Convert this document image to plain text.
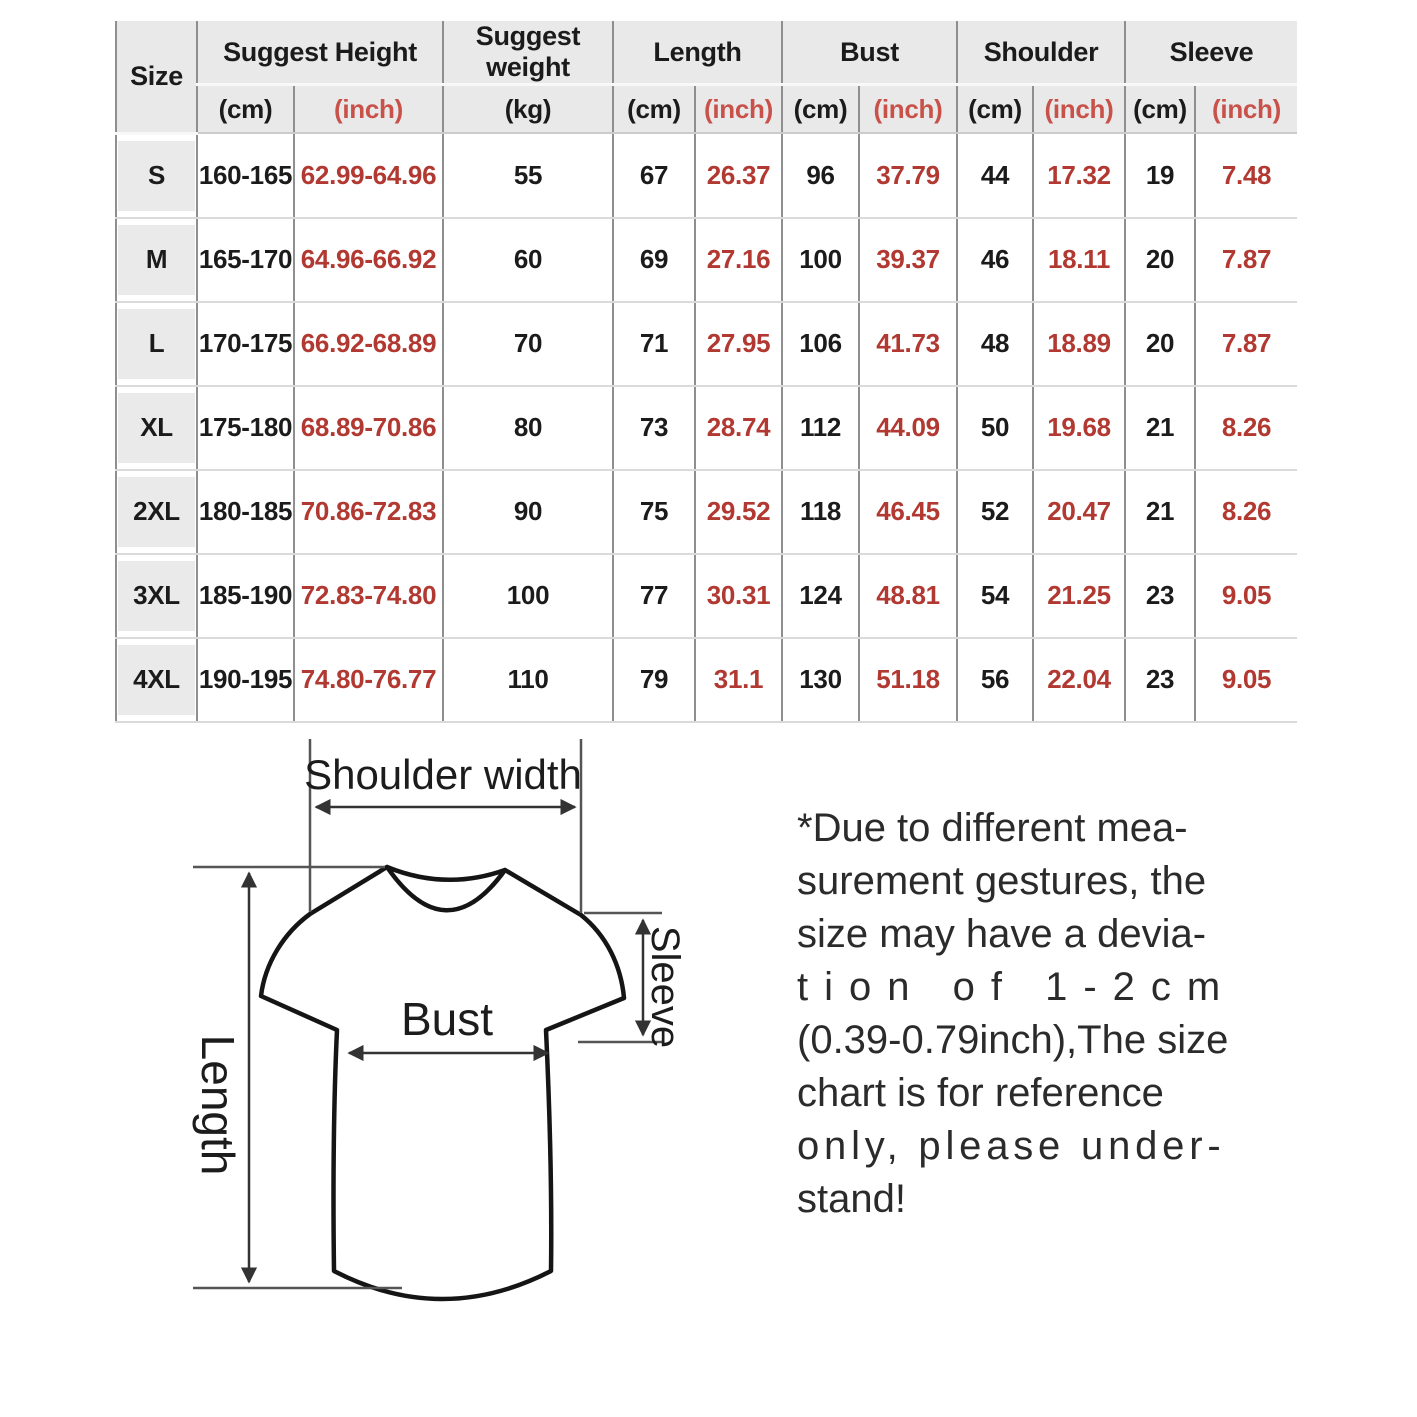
Size	Suggest Height		Suggest weight	Length		Bust		Shoulder		Sleeve	
	(cm)	(inch)	(kg)	(cm)	(inch)	(cm)	(inch)	(cm)	(inch)	(cm)	(inch)

S	160-165	62.99-64.96	55	67	26.37	96	37.79	44	17.32	19	7.48

M	165-170	64.96-66.92	60	69	27.16	100	39.37	46	18.11	20	7.87

L	170-175	66.92-68.89	70	71	27.95	106	41.73	48	18.89	20	7.87

XL	175-180	68.89-70.86	80	73	28.74	112	44.09	50	19.68	21	8.26

2XL	180-185	70.86-72.83	90	75	29.52	118	46.45	52	20.47	21	8.26

3XL	185-190	72.83-74.80	100	77	30.31	124	48.81	54	21.25	23	9.05

4XL	190-195	74.80-76.77	110	79	31.1	130	51.18	56	22.04	23	9.05
Shoulder width
Length
Bust	Sleeve
*Due to different mea-
surement gestures, the
size may have a devia-
tion of 1-2cm
(0.39-0.79inch),The size
chart is for reference
only, please under-
stand!
